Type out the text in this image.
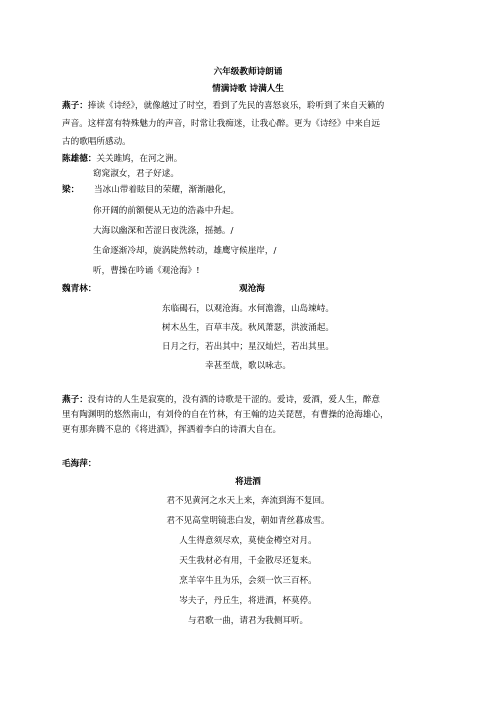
六年级教师诗朗诵
情满诗歌 诗满人生
燕子：捧读《诗经》，就像越过了时空，看到了先民的喜怒哀乐，聆听到了来自天籁的
声音。这样富有特殊魅力的声音，时常让我痴迷，让我心醉。更为《诗经》中来自远
古的歌唱所感动。
陈雄德：关关雎鸠，在河之洲。
窈窕淑女，君子好逑。
梁： 当冰山带着眩目的荣耀，渐渐融化，
你开阔的前额便从无边的浩淼中升起。
大海以幽深和苦涩日夜洗涤，摇撼。/
生命逐渐冷却，旋涡陡然转动，雄鹰守候崖岸，/
听，曹操在吟诵《观沧海》!
魏青林：	观沧海
东临碣石，以观沧海。水何澹澹，山岛竦峙。
树木丛生，百草丰茂。秋风萧瑟，洪波涌起。
日月之行，若出其中；星汉灿烂，若出其里。
幸甚至哉，歌以咏志。
燕子：没有诗的人生是寂寞的，没有酒的诗歌是干涩的。爱诗，爱酒，爱人生，醉意
里有陶渊明的悠然南山，有刘伶的自在竹林，有王翰的边关琵琶，有曹操的沧海雄心，
更有那奔腾不息的《将进酒》，挥洒着李白的诗酒大自在。
毛海萍：
将进酒
君不见黄河之水天上来，奔流到海不复回。
君不见高堂明镜悲白发，朝如青丝暮成雪。
人生得意须尽欢，莫使金樽空对月。
天生我材必有用，千金散尽还复来。
烹羊宰牛且为乐，会须一饮三百杯。
岑夫子，丹丘生，将进酒，杯莫停。
与君歌一曲，请君为我侧耳听。
